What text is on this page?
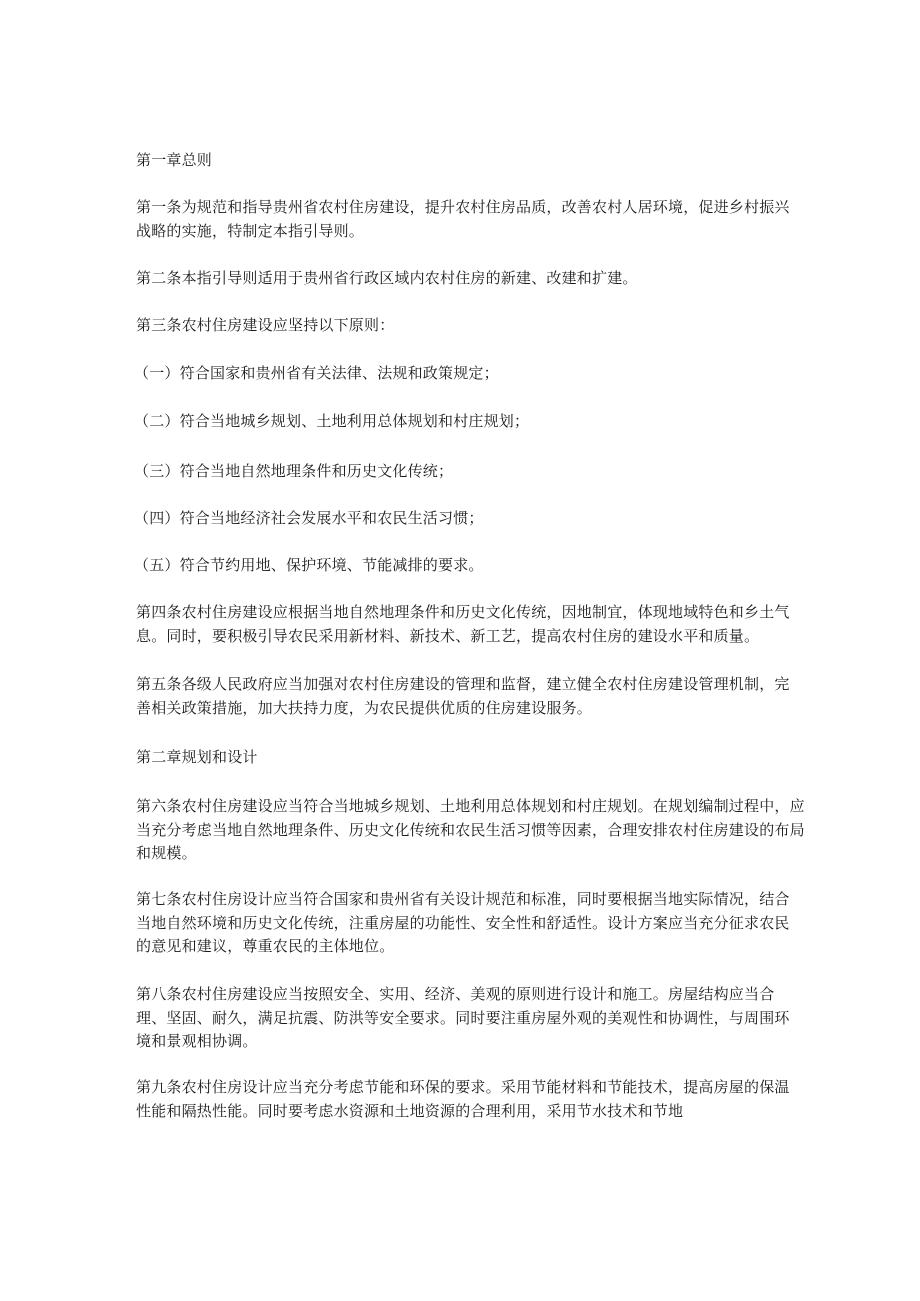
第一章总则

第一条为规范和指导贵州省农村住房建设，提升农村住房品质，改善农村人居环境，促进乡村振兴战略的实施，特制定本指引导则。

第二条本指引导则适用于贵州省行政区域内农村住房的新建、改建和扩建。

第三条农村住房建设应坚持以下原则：

（一）符合国家和贵州省有关法律、法规和政策规定；

（二）符合当地城乡规划、土地利用总体规划和村庄规划；

（三）符合当地自然地理条件和历史文化传统；

（四）符合当地经济社会发展水平和农民生活习惯；

（五）符合节约用地、保护环境、节能减排的要求。

第四条农村住房建设应根据当地自然地理条件和历史文化传统，因地制宜，体现地域特色和乡土气息。同时，要积极引导农民采用新材料、新技术、新工艺，提高农村住房的建设水平和质量。

第五条各级人民政府应当加强对农村住房建设的管理和监督，建立健全农村住房建设管理机制，完善相关政策措施，加大扶持力度，为农民提供优质的住房建设服务。

第二章规划和设计

第六条农村住房建设应当符合当地城乡规划、土地利用总体规划和村庄规划。在规划编制过程中，应当充分考虑当地自然地理条件、历史文化传统和农民生活习惯等因素，合理安排农村住房建设的布局和规模。

第七条农村住房设计应当符合国家和贵州省有关设计规范和标准，同时要根据当地实际情况，结合当地自然环境和历史文化传统，注重房屋的功能性、安全性和舒适性。设计方案应当充分征求农民的意见和建议，尊重农民的主体地位。

第八条农村住房建设应当按照安全、实用、经济、美观的原则进行设计和施工。房屋结构应当合理、坚固、耐久，满足抗震、防洪等安全要求。同时要注重房屋外观的美观性和协调性，与周围环境和景观相协调。

第九条农村住房设计应当充分考虑节能和环保的要求。采用节能材料和节能技术，提高房屋的保温性能和隔热性能。同时要考虑水资源和土地资源的合理利用，采用节水技术和节地
